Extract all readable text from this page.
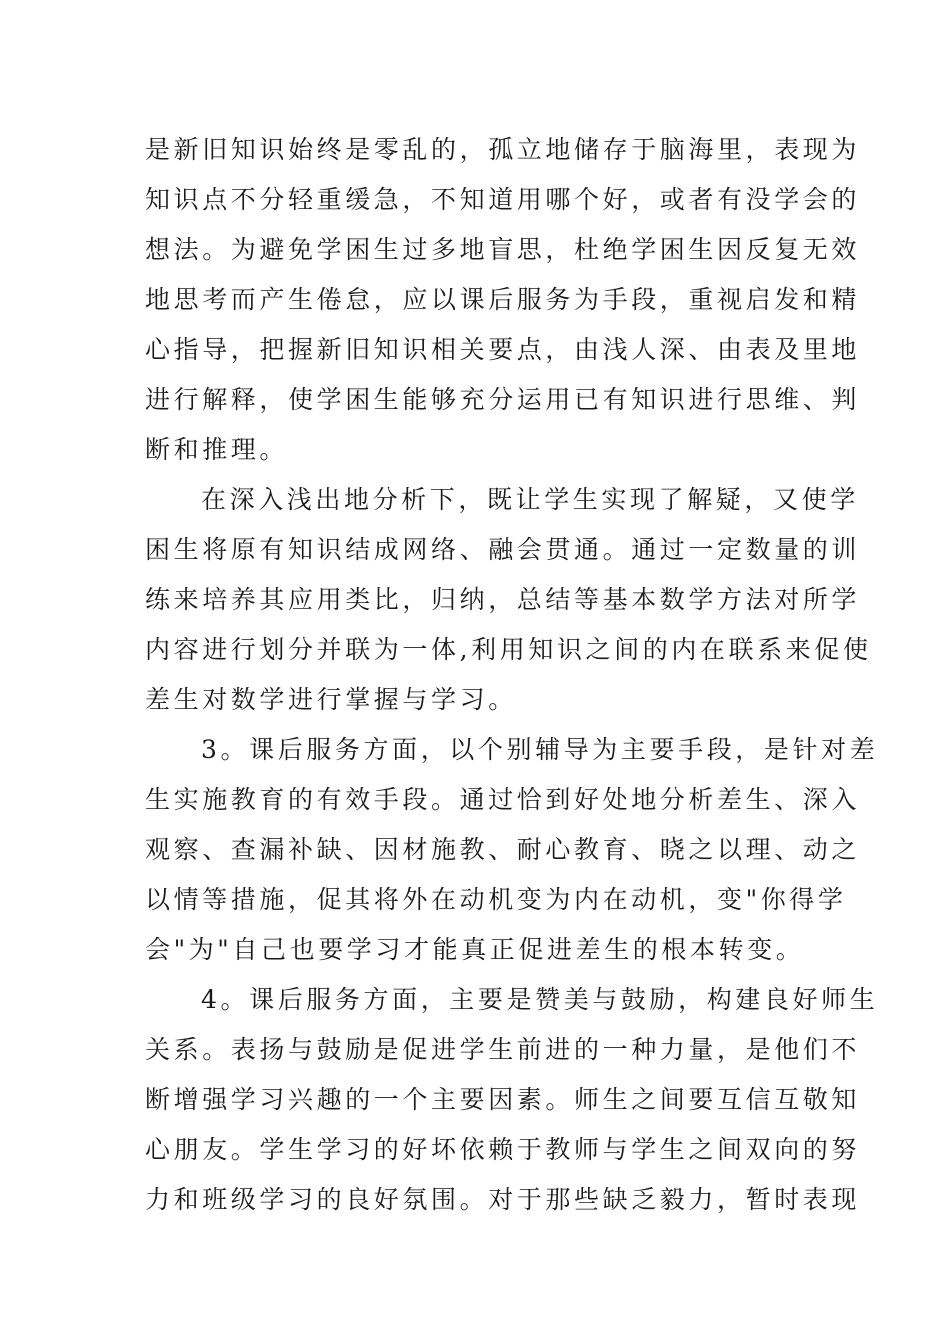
是新旧知识始终是零乱的，孤立地储存于脑海里，表现为
知识点不分轻重缓急，不知道用哪个好，或者有没学会的
想法。为避免学困生过多地盲思，杜绝学困生因反复无效
地思考而产生倦怠，应以课后服务为手段，重视启发和精
心指导，把握新旧知识相关要点，由浅人深、由表及里地
进行解释，使学困生能够充分运用已有知识进行思维、判
断和推理。
在深入浅出地分析下，既让学生实现了解疑，又使学
困生将原有知识结成网络、融会贯通。通过一定数量的训
练来培养其应用类比，归纳，总结等基本数学方法对所学
内容进行划分并联为一体,利用知识之间的内在联系来促使
差生对数学进行掌握与学习。
3。课后服务方面，以个别辅导为主要手段，是针对差
生实施教育的有效手段。通过恰到好处地分析差生、深入
观察、查漏补缺、因材施教、耐心教育、晓之以理、动之
以情等措施，促其将外在动机变为内在动机，变"你得学
会"为"自己也要学习才能真正促进差生的根本转变。
4。课后服务方面，主要是赞美与鼓励，构建良好师生
关系。表扬与鼓励是促进学生前进的一种力量，是他们不
断增强学习兴趣的一个主要因素。师生之间要互信互敬知
心朋友。学生学习的好坏依赖于教师与学生之间双向的努
力和班级学习的良好氛围。对于那些缺乏毅力，暂时表现
